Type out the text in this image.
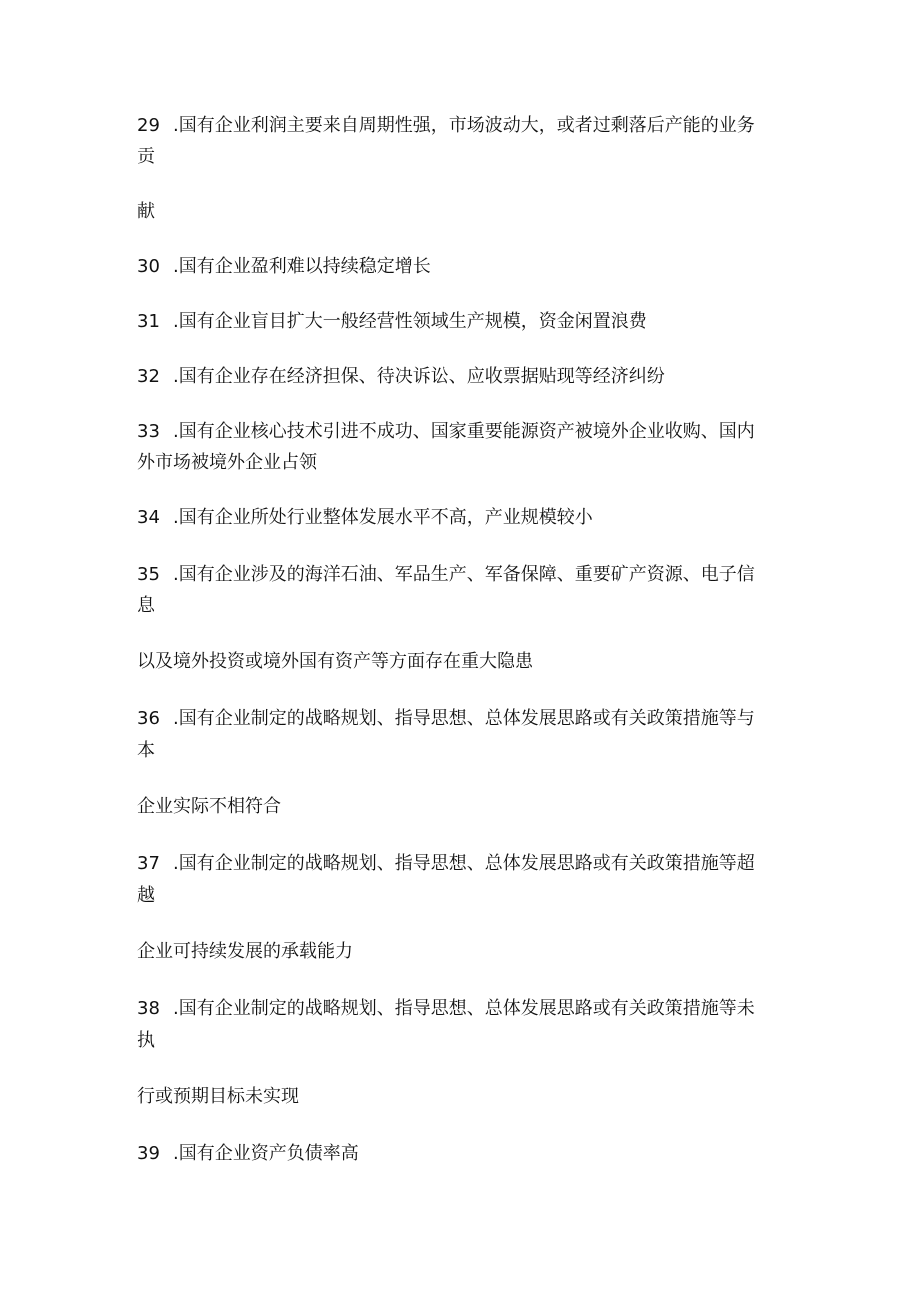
29 .国有企业利润主要来自周期性强，市场波动大，或者过剩落后产能的业务
贡
献
30 .国有企业盈利难以持续稳定增长
31 .国有企业盲目扩大一般经营性领域生产规模，资金闲置浪费
32 .国有企业存在经济担保、待决诉讼、应收票据贴现等经济纠纷
33 .国有企业核心技术引进不成功、国家重要能源资产被境外企业收购、国内
外市场被境外企业占领
34 .国有企业所处行业整体发展水平不高，产业规模较小
35 .国有企业涉及的海洋石油、军品生产、军备保障、重要矿产资源、电子信
息
以及境外投资或境外国有资产等方面存在重大隐患
36 .国有企业制定的战略规划、指导思想、总体发展思路或有关政策措施等与
本
企业实际不相符合
37 .国有企业制定的战略规划、指导思想、总体发展思路或有关政策措施等超
越
企业可持续发展的承载能力
38 .国有企业制定的战略规划、指导思想、总体发展思路或有关政策措施等未
执
行或预期目标未实现
39 .国有企业资产负债率高
